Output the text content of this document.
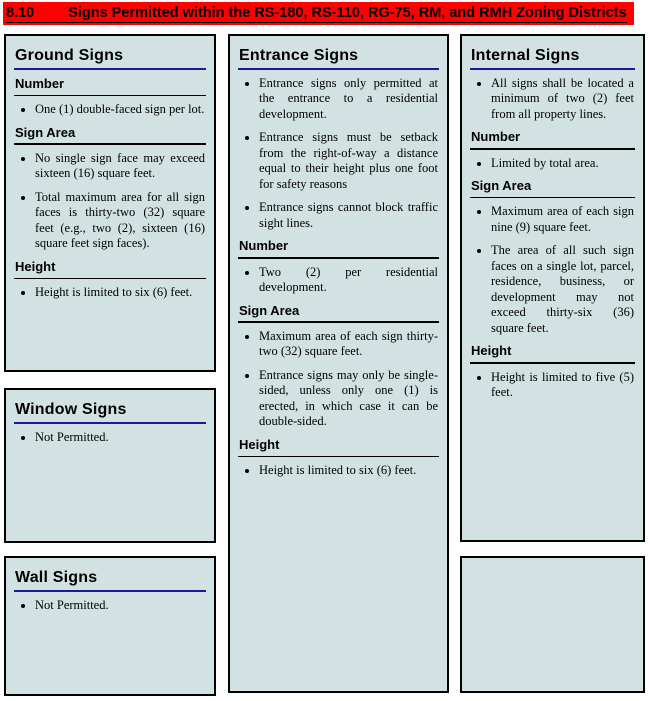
8.10 Signs Permitted within the RS-180, RS-110, RG-75, RM, and RMH Zoning Districts
Ground Signs
Number
• One (1) double-faced sign per lot.
Sign Area
• No single sign face may exceed sixteen (16) square feet.
• Total maximum area for all sign faces is thirty-two (32) square feet (e.g., two (2), sixteen (16) square feet sign faces).
Height
• Height is limited to six (6) feet.
Window Signs
• Not Permitted.
Wall Signs
• Not Permitted.
Entrance Signs
• Entrance signs only permitted at the entrance to a residential development.
• Entrance signs must be setback from the right-of-way a distance equal to their height plus one foot for safety reasons
• Entrance signs cannot block traffic sight lines.
Number
• Two (2) per residential development.
Sign Area
• Maximum area of each sign thirty-two (32) square feet.
• Entrance signs may only be single-sided, unless only one (1) is erected, in which case it can be double-sided.
Height
• Height is limited to six (6) feet.
Internal Signs
• All signs shall be located a minimum of two (2) feet from all property lines.
Number
• Limited by total area.
Sign Area
• Maximum area of each sign nine (9) square feet.
• The area of all such sign faces on a single lot, parcel, residence, business, or development may not exceed thirty-six (36) square feet.
Height
• Height is limited to five (5) feet.
